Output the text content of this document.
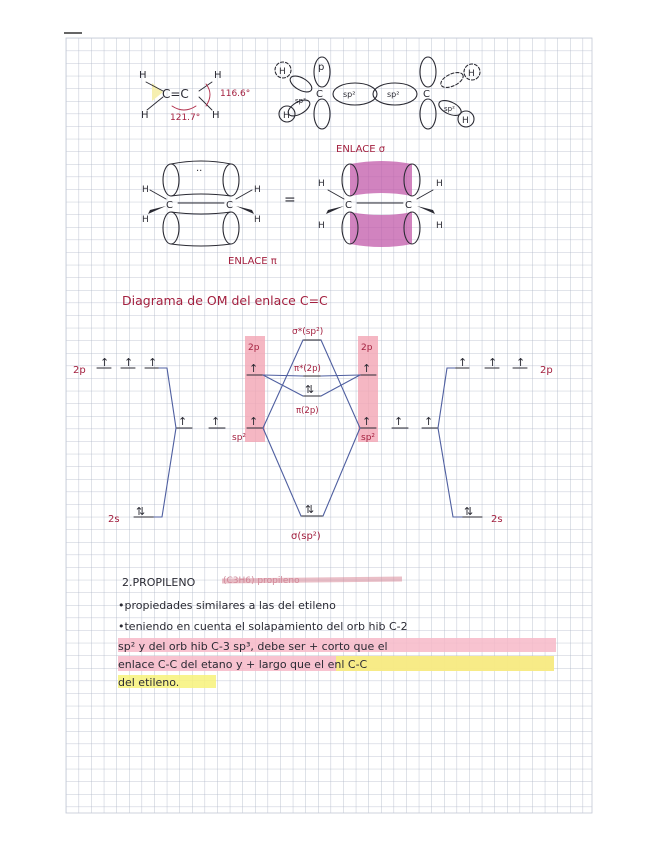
H	H
H	H
C=C	116.6°
121.7°
p
C
H
H
sp²
sp²	sp² C
H
H
sp²
ENLACE σ
··
C	C
H
H
H
H
=	C	C
H
H
H
H
ENLACE π
Diagrama de OM del enlace C=C
2p
↑ ↑ ↑
2s
⇅
↑ ↑	↑
sp²
↑
2p
↑
2p
↑
sp²
↑ ↑
↑ ↑ ↑
2p
⇅
2s
σ*(sp²)
π*(2p)
⇅
π(2p)
⇅
σ(sp²)
2.PROPILENO
•propiedades similares a las del etileno
•teniendo en cuenta el solapamiento del orb hib C-2
sp² y del orb hib C-3 sp³, debe ser + corto que el
enlace C-C del etano y + largo que el enl C-C
del etileno.
